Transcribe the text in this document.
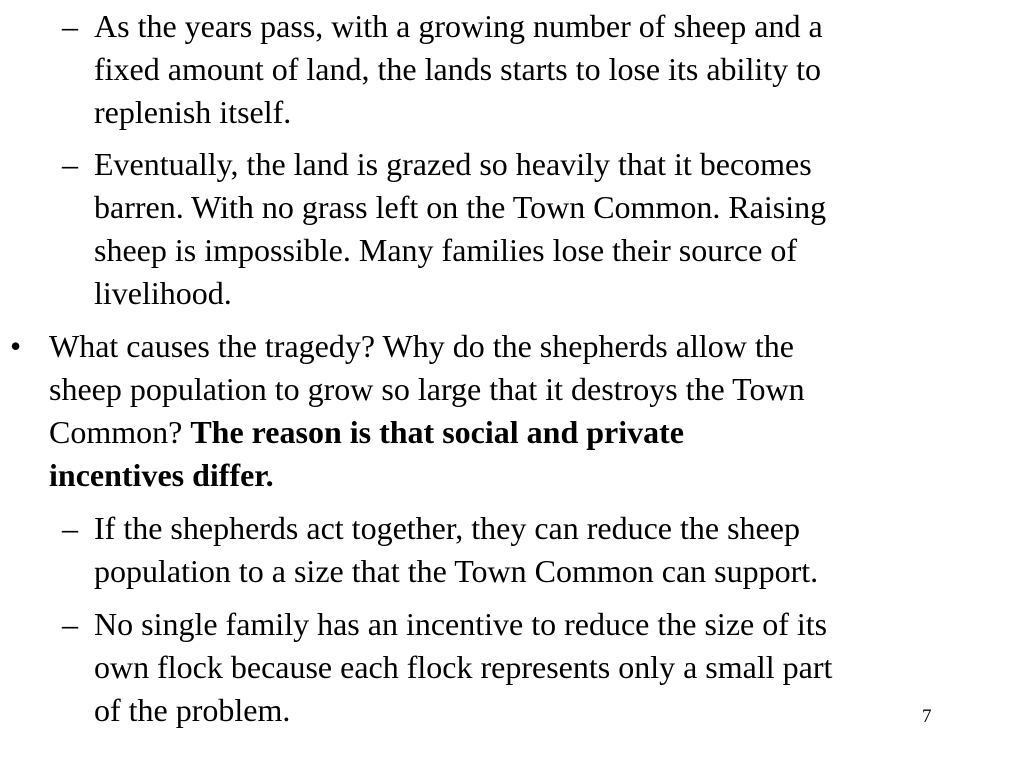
– As the years pass, with a growing number of sheep and a
fixed amount of land, the lands starts to lose its ability to
replenish itself.
– Eventually, the land is grazed so heavily that it becomes
barren. With no grass left on the Town Common. Raising
sheep is impossible. Many families lose their source of
livelihood.
• What causes the tragedy? Why do the shepherds allow the
sheep population to grow so large that it destroys the Town
Common? The reason is that social and private
incentives differ.
– If the shepherds act together, they can reduce the sheep
population to a size that the Town Common can support.
– No single family has an incentive to reduce the size of its
own flock because each flock represents only a small part
of the problem.	7
